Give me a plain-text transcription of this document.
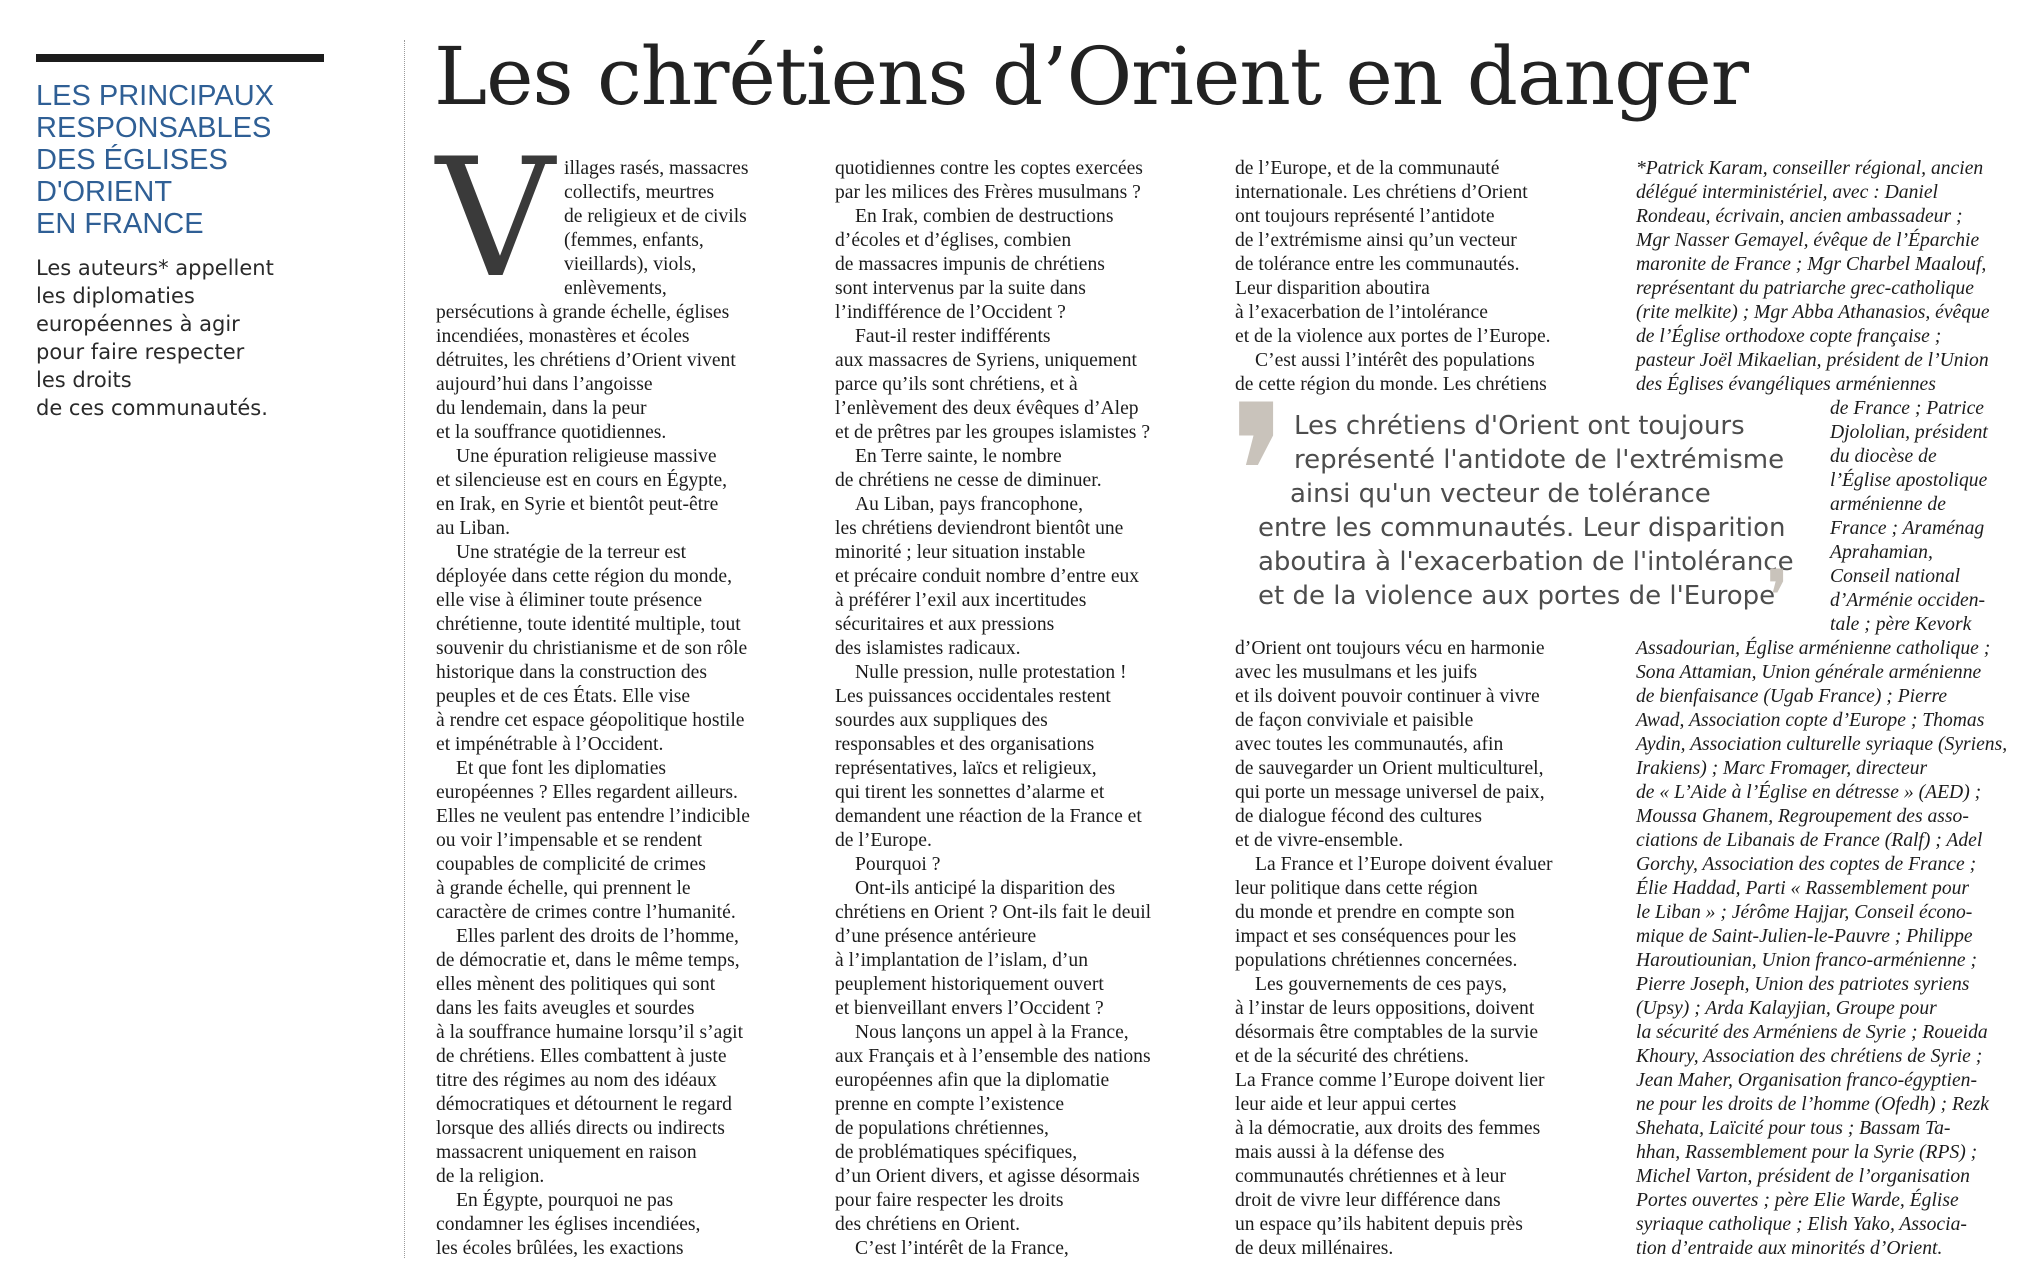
LES PRINCIPAUX
RESPONSABLES
DES ÉGLISES
D'ORIENT
EN FRANCE
Les auteurs* appellent
les diplomaties
européennes à agir
pour faire respecter
les droits
de ces communautés.
Les chrétiens d’Orient en danger
V illages rasés, massacres
collectifs, meurtres
de religieux et de civils
(femmes, enfants,
vieillards), viols,
enlèvements,
persécutions à grande échelle, églises
incendiées, monastères et écoles
détruites, les chrétiens d’Orient vivent
aujourd’hui dans l’angoisse
du lendemain, dans la peur
et la souffrance quotidiennes.
Une épuration religieuse massive
et silencieuse est en cours en Égypte,
en Irak, en Syrie et bientôt peut-être
au Liban.
Une stratégie de la terreur est
déployée dans cette région du monde,
elle vise à éliminer toute présence
chrétienne, toute identité multiple, tout
souvenir du christianisme et de son rôle
historique dans la construction des
peuples et de ces États. Elle vise
à rendre cet espace géopolitique hostile
et impénétrable à l’Occident.
Et que font les diplomaties
européennes ? Elles regardent ailleurs.
Elles ne veulent pas entendre l’indicible
ou voir l’impensable et se rendent
coupables de complicité de crimes
à grande échelle, qui prennent le
caractère de crimes contre l’humanité.
Elles parlent des droits de l’homme,
de démocratie et, dans le même temps,
elles mènent des politiques qui sont
dans les faits aveugles et sourdes
à la souffrance humaine lorsqu’il s’agit
de chrétiens. Elles combattent à juste
titre des régimes au nom des idéaux
démocratiques et détournent le regard
lorsque des alliés directs ou indirects
massacrent uniquement en raison
de la religion.
En Égypte, pourquoi ne pas
condamner les églises incendiées,
les écoles brûlées, les exactions
quotidiennes contre les coptes exercées
par les milices des Frères musulmans ?
En Irak, combien de destructions
d’écoles et d’églises, combien
de massacres impunis de chrétiens
sont intervenus par la suite dans
l’indifférence de l’Occident ?
Faut-il rester indifférents
aux massacres de Syriens, uniquement
parce qu’ils sont chrétiens, et à
l’enlèvement des deux évêques d’Alep
et de prêtres par les groupes islamistes ?
En Terre sainte, le nombre
de chrétiens ne cesse de diminuer.
Au Liban, pays francophone,
les chrétiens deviendront bientôt une
minorité ; leur situation instable
et précaire conduit nombre d’entre eux
à préférer l’exil aux incertitudes
sécuritaires et aux pressions
des islamistes radicaux.
Nulle pression, nulle protestation !
Les puissances occidentales restent
sourdes aux suppliques des
responsables et des organisations
représentatives, laïcs et religieux,
qui tirent les sonnettes d’alarme et
demandent une réaction de la France et
de l’Europe.
Pourquoi ?
Ont-ils anticipé la disparition des
chrétiens en Orient ? Ont-ils fait le deuil
d’une présence antérieure
à l’implantation de l’islam, d’un
peuplement historiquement ouvert
et bienveillant envers l’Occident ?
Nous lançons un appel à la France,
aux Français et à l’ensemble des nations
européennes afin que la diplomatie
prenne en compte l’existence
de populations chrétiennes,
de problématiques spécifiques,
d’un Orient divers, et agisse désormais
pour faire respecter les droits
des chrétiens en Orient.
C’est l’intérêt de la France,
de l’Europe, et de la communauté
internationale. Les chrétiens d’Orient
ont toujours représenté l’antidote
de l’extrémisme ainsi qu’un vecteur
de tolérance entre les communautés.
Leur disparition aboutira
à l’exacerbation de l’intolérance
et de la violence aux portes de l’Europe.
C’est aussi l’intérêt des populations
de cette région du monde. Les chrétiens
d’Orient ont toujours vécu en harmonie
avec les musulmans et les juifs
et ils doivent pouvoir continuer à vivre
de façon conviviale et paisible
avec toutes les communautés, afin
de sauvegarder un Orient multiculturel,
qui porte un message universel de paix,
de dialogue fécond des cultures
et de vivre-ensemble.
La France et l’Europe doivent évaluer
leur politique dans cette région
du monde et prendre en compte son
impact et ses conséquences pour les
populations chrétiennes concernées.
Les gouvernements de ces pays,
à l’instar de leurs oppositions, doivent
désormais être comptables de la survie
et de la sécurité des chrétiens.
La France comme l’Europe doivent lier
leur aide et leur appui certes
à la démocratie, aux droits des femmes
mais aussi à la défense des
communautés chrétiennes et à leur
droit de vivre leur différence dans
un espace qu’ils habitent depuis près
de deux millénaires.
❜ Les chrétiens d'Orient ont toujours
représenté l'antidote de l'extrémisme
ainsi qu'un vecteur de tolérance
entre les communautés. Leur disparition
aboutira à l'exacerbation de l'intolérance
et de la violence aux portes de l'Europe
❜
*Patrick Karam, conseiller régional, ancien
délégué interministériel, avec : Daniel
Rondeau, écrivain, ancien ambassadeur ;
Mgr Nasser Gemayel, évêque de l’Éparchie
maronite de France ; Mgr Charbel Maalouf,
représentant du patriarche grec-catholique
(rite melkite) ; Mgr Abba Athanasios, évêque
de l’Église orthodoxe copte française ;
pasteur Joël Mikaelian, président de l’Union
des Églises évangéliques arméniennes
de France ; Patrice
Djololian, président
du diocèse de
l’Église apostolique
arménienne de
France ; Araménag
Aprahamian,
Conseil national
d’Arménie occiden-
tale ; père Kevork
Assadourian, Église arménienne catholique ;
Sona Attamian, Union générale arménienne
de bienfaisance (Ugab France) ; Pierre
Awad, Association copte d’Europe ; Thomas
Aydin, Association culturelle syriaque (Syriens,
Irakiens) ; Marc Fromager, directeur
de « L’Aide à l’Église en détresse » (AED) ;
Moussa Ghanem, Regroupement des asso-
ciations de Libanais de France (Ralf) ; Adel
Gorchy, Association des coptes de France ;
Élie Haddad, Parti « Rassemblement pour
le Liban » ; Jérôme Hajjar, Conseil écono-
mique de Saint-Julien-le-Pauvre ; Philippe
Haroutiounian, Union franco-arménienne ;
Pierre Joseph, Union des patriotes syriens
(Upsy) ; Arda Kalayjian, Groupe pour
la sécurité des Arméniens de Syrie ; Roueida
Khoury, Association des chrétiens de Syrie ;
Jean Maher, Organisation franco-égyptien-
ne pour les droits de l’homme (Ofedh) ; Rezk
Shehata, Laïcité pour tous ; Bassam Ta-
hhan, Rassemblement pour la Syrie (RPS) ;
Michel Varton, président de l’organisation
Portes ouvertes ; père Elie Warde, Église
syriaque catholique ; Elish Yako, Associa-
tion d’entraide aux minorités d’Orient.
